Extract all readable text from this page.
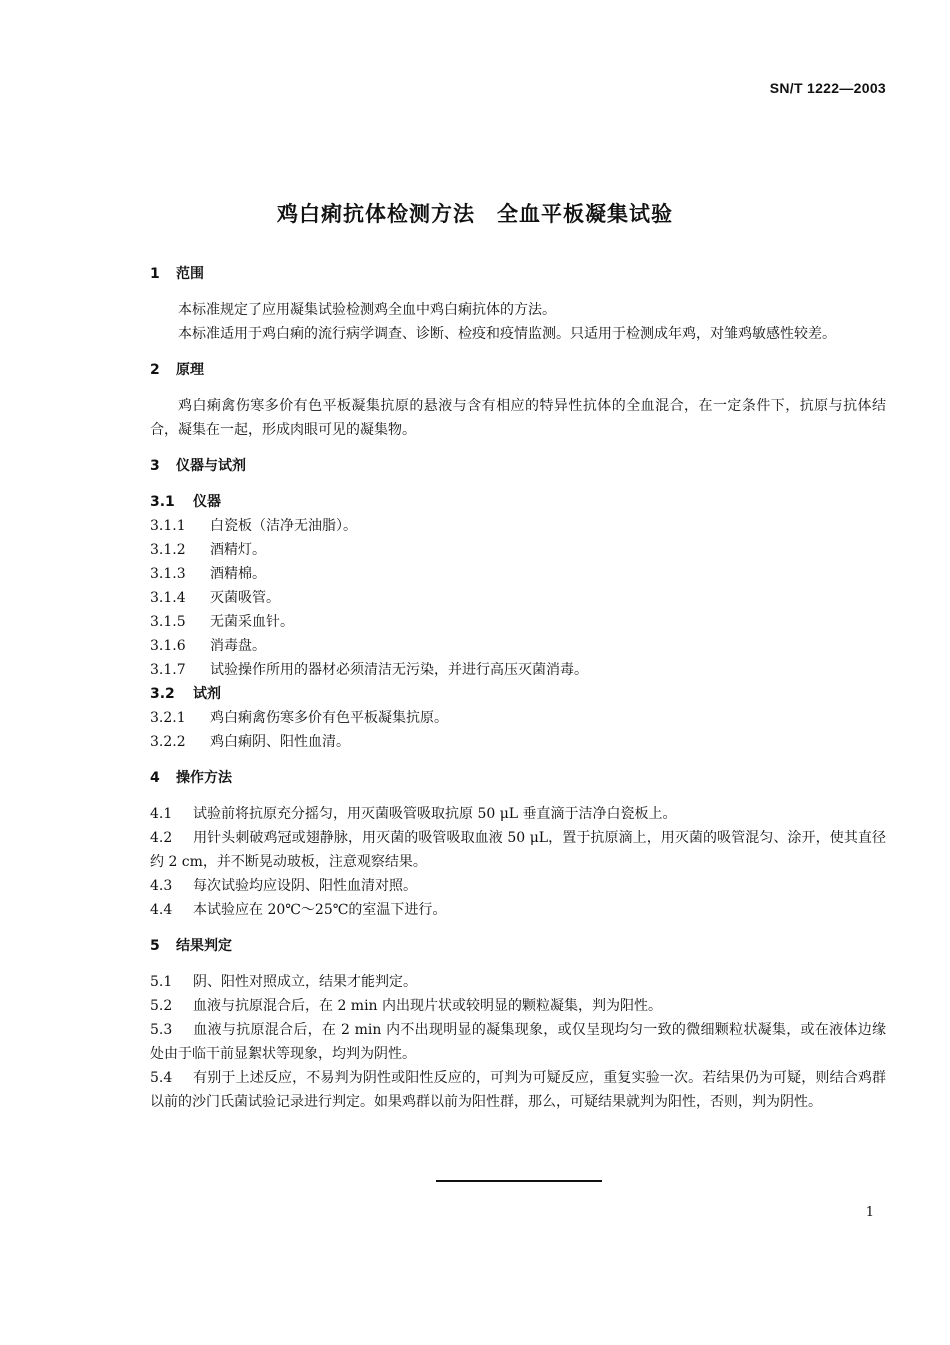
SN/T 1222—2003
鸡白痢抗体检测方法　全血平板凝集试验
1 范围

本标准规定了应用凝集试验检测鸡全血中鸡白痢抗体的方法。

本标准适用于鸡白痢的流行病学调查、诊断、检疫和疫情监测。只适用于检测成年鸡，对雏鸡敏感性较差。

2 原理

鸡白痢禽伤寒多价有色平板凝集抗原的悬液与含有相应的特异性抗体的全血混合，在一定条件下，抗原与抗体结合，凝集在一起，形成肉眼可见的凝集物。

3 仪器与试剂
3.1 仪器

3.1.1 白瓷板（洁净无油脂）。

3.1.2 酒精灯。

3.1.3 酒精棉。

3.1.4 灭菌吸管。

3.1.5 无菌采血针。

3.1.6 消毒盘。

3.1.7 试验操作所用的器材必须清洁无污染，并进行高压灭菌消毒。

3.2 试剂

3.2.1 鸡白痢禽伤寒多价有色平板凝集抗原。

3.2.2 鸡白痢阴、阳性血清。

4 操作方法

4.1 试验前将抗原充分摇匀，用灭菌吸管吸取抗原 50 μL 垂直滴于洁净白瓷板上。

4.2 用针头刺破鸡冠或翅静脉，用灭菌的吸管吸取血液 50 μL，置于抗原滴上，用灭菌的吸管混匀、涂开，使其直径约 2 cm，并不断晃动玻板，注意观察结果。

4.3 每次试验均应设阴、阳性血清对照。

4.4 本试验应在 20℃～25℃的室温下进行。

5 结果判定

5.1 阴、阳性对照成立，结果才能判定。

5.2 血液与抗原混合后，在 2 min 内出现片状或较明显的颗粒凝集，判为阳性。

5.3 血液与抗原混合后，在 2 min 内不出现明显的凝集现象，或仅呈现均匀一致的微细颗粒状凝集，或在液体边缘处由于临干前显絮状等现象，均判为阴性。

5.4 有别于上述反应，不易判为阴性或阳性反应的，可判为可疑反应，重复实验一次。若结果仍为可疑，则结合鸡群以前的沙门氏菌试验记录进行判定。如果鸡群以前为阳性群，那么，可疑结果就判为阳性，否则，判为阴性。

1
